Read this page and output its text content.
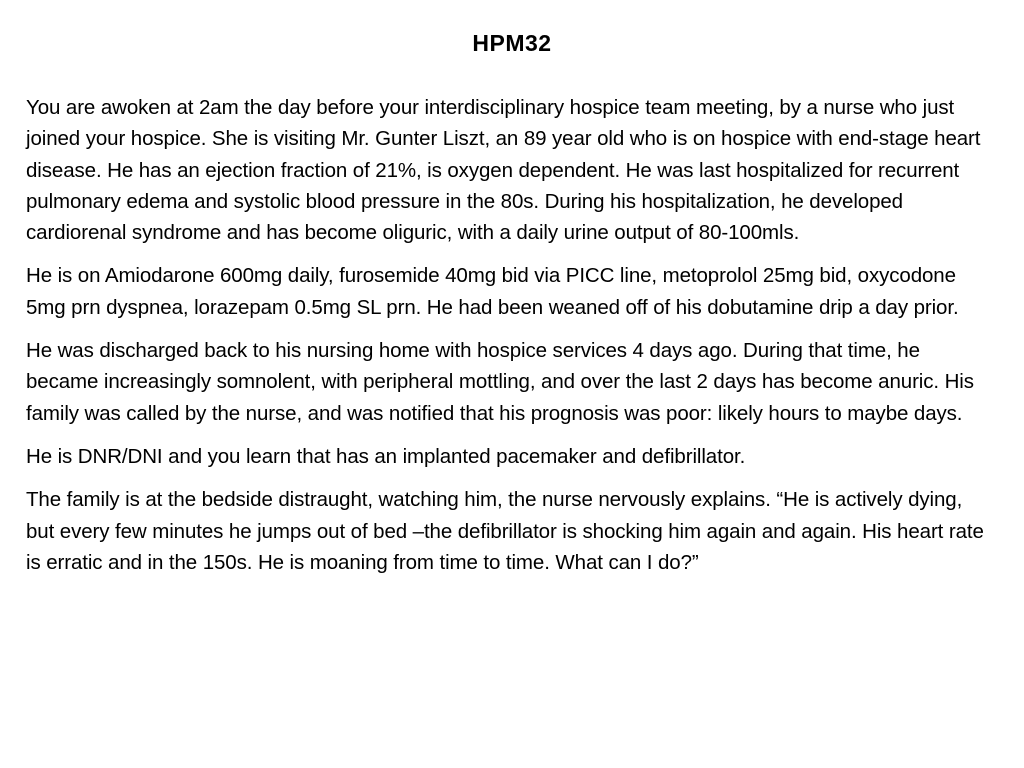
HPM32

You are awoken at 2am the day before your interdisciplinary hospice team meeting, by a nurse who just joined your hospice. She is visiting Mr. Gunter Liszt, an 89 year old who is on hospice with end-stage heart disease. He has an ejection fraction of 21%, is oxygen dependent. He was last hospitalized for recurrent pulmonary edema and systolic blood pressure in the 80s. During his hospitalization, he developed cardiorenal syndrome and has become oliguric, with a daily urine output of 80-100mls.

He is on Amiodarone 600mg daily, furosemide 40mg bid via PICC line, metoprolol 25mg bid, oxycodone 5mg prn dyspnea, lorazepam 0.5mg SL prn. He had been weaned off of his dobutamine drip a day prior.

He was discharged back to his nursing home with hospice services 4 days ago. During that time, he became increasingly somnolent, with peripheral mottling, and over the last 2 days has become anuric. His family was called by the nurse, and was notified that his prognosis was poor: likely hours to maybe days.

He is DNR/DNI and you learn that has an implanted pacemaker and defibrillator.

The family is at the bedside distraught, watching him, the nurse nervously explains. “He is actively dying, but every few minutes he jumps out of bed –the defibrillator is shocking him again and again. His heart rate is erratic and in the 150s. He is moaning from time to time. What can I do?”
